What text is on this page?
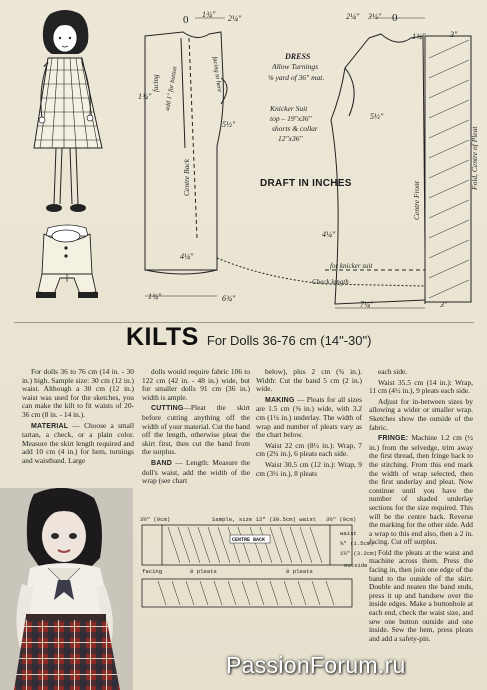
0 1¾" 2¼"	2¼" 3½" 0
1¾"	3"
facing add 1" for button	facing to here	DRESS
Allow Turnings
⅝ yard of 36" mat.
Knicker Suit
top – 19"x36"
shorts & collar
12"x36"
1¾"
5½"
5½"
Centre Back
Centre Front
Fold, Centre of Pleat
DRAFT IN INCHES
4¼"
4¼"
for knicker suit
Check length
1¾"	6¾"
7¼"	3"
KILTS For Dolls 36-76 cm (14"-30")

For dolls 36 to 76 cm (14 in. - 30 in.) high. Sample size: 30 cm (12 in.) waist. Although a 30 cm (12 in.) waist was used for the sketches, you can make the kilt to fit waists of 20-36 cm (8 in. - 14 in.).

MATERIAL — Choose a small tartan, a check, or a plain color. Measure the skirt length required and add 10 cm (4 in.) for hem, turnings and waistband. Large

dolls would require fabric 106 to 122 cm (42 in. - 48 in.) wide, but for smaller dolls 91 cm (36 in.) width is ample.

CUTTING—Pleat the skirt before cutting anything off the width of your material. Cut the band off the length, otherwise pleat the skirt first, then cut the band from the surplus.

BAND — Length: Measure the doll's waist, add the width of the wrap (see chart

below), plus 2 cm (¾ in.). Width: Cut the band 5 cm (2 in.) wide.

MAKING — Pleats for all sizes are 1.5 cm (⅝ in.) wide, with 3.2 cm (1¼ in.) underlay. The width of wrap and number of pleats vary as the chart below.

Waist 22 cm (8½ in.): Wrap, 7 cm (2¾ in.), 6 pleats each side.

Waist 30.5 cm (12 in.): Wrap, 9 cm (3½ in.), 8 pleats

each side.

Waist 35.5 cm (14 in.): Wrap, 11 cm (4½ in.), 9 pleats each side.

Adjust for in-between sizes by allowing a wider or smaller wrap. Sketches show the outside of the fabric.

FRINGE: Machine 1.2 cm (½ in.) from the selvedge, trim away the first thread, then fringe back to the stitching. From this end mark the width of wrap selected, then the first underlay and pleat. Now continue until you have the number of shaded underlay sections for the size required. This will be the centre back. Reverse the marking for the other side. Add a wrap to this end also, then a 2 in. facing. Cut off surplus.

Fold the pleats at the waist and machine across them. Press the facing in, then join one edge of the band to the outside of the skirt. Double and neaten the band ends, press it up and handsew over the inside edges. Make a buttonhole at each end, check the waist size, and sew one button outside and one inside. Sew the hem, press pleats and add a safety-pin.

3½" (9cm)	Sample, size 12" (30.5cm) waist 3½" (9cm)
waist
⅝" (1.5cm)
1¼" (3.2cm)
outside
CENTRE BACK
facing	8 pleats	8 pleats
PassionForum.ru
